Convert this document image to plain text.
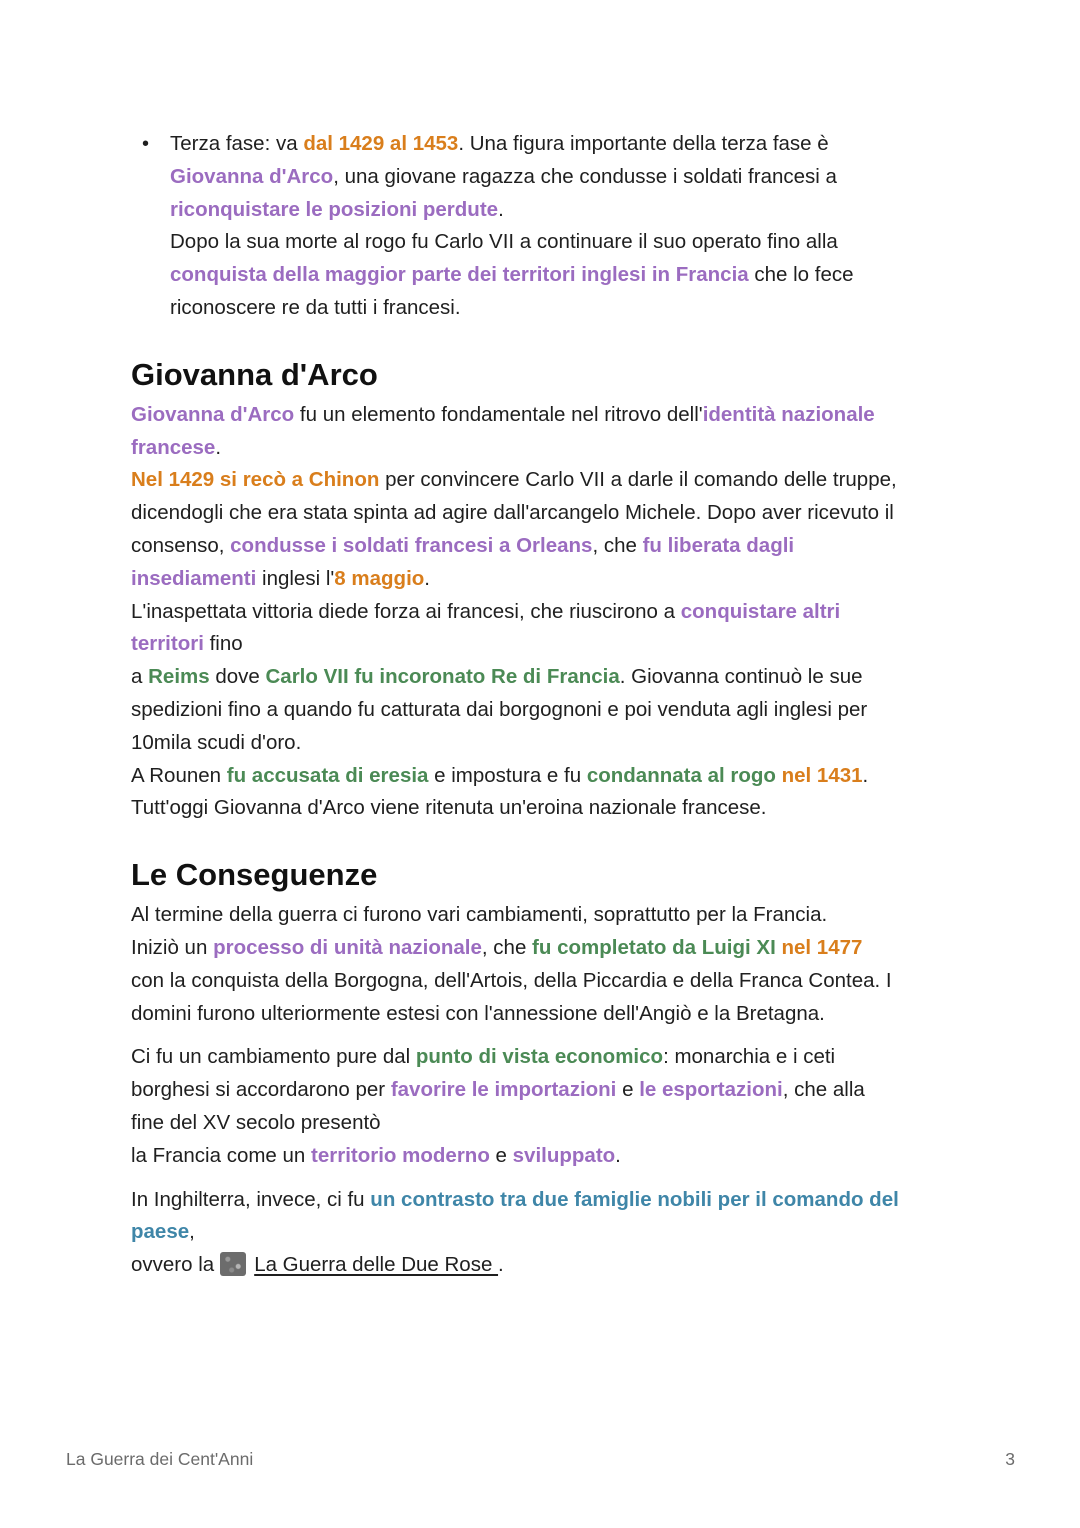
• Terza fase: va dal 1429 al 1453. Una figura importante della terza fase è
Giovanna d'Arco, una giovane ragazza che condusse i soldati francesi a
riconquistare le posizioni perdute.
Dopo la sua morte al rogo fu Carlo VII a continuare il suo operato fino alla
conquista della maggior parte dei territori inglesi in Francia che lo fece
riconoscere re da tutti i francesi.

Giovanna d'Arco

Giovanna d'Arco fu un elemento fondamentale nel ritrovo dell'identità nazionale
francese.
Nel 1429 si recò a Chinon per convincere Carlo VII a darle il comando delle truppe,
dicendogli che era stata spinta ad agire dall'arcangelo Michele. Dopo aver ricevuto il
consenso, condusse i soldati francesi a Orleans, che fu liberata dagli
insediamenti inglesi l'8 maggio.
L'inaspettata vittoria diede forza ai francesi, che riuscirono a conquistare altri
territori fino
a Reims dove Carlo VII fu incoronato Re di Francia. Giovanna continuò le sue
spedizioni fino a quando fu catturata dai borgognoni e poi venduta agli inglesi per
10mila scudi d'oro.
A Rounen fu accusata di eresia e impostura e fu condannata al rogo nel 1431.
Tutt'oggi Giovanna d'Arco viene ritenuta un'eroina nazionale francese.

Le Conseguenze

Al termine della guerra ci furono vari cambiamenti, soprattutto per la Francia.
Iniziò un processo di unità nazionale, che fu completato da Luigi XI nel 1477
con la conquista della Borgogna, dell'Artois, della Piccardia e della Franca Contea. I
domini furono ulteriormente estesi con l'annessione dell'Angiò e la Bretagna.

Ci fu un cambiamento pure dal punto di vista economico: monarchia e i ceti
borghesi si accordarono per favorire le importazioni e le esportazioni, che alla
fine del XV secolo presentò
la Francia come un territorio moderno e sviluppato.

In Inghilterra, invece, ci fu un contrasto tra due famiglie nobili per il comando del
paese,
ovvero la La Guerra delle Due Rose .

La Guerra dei Cent'Anni	3
